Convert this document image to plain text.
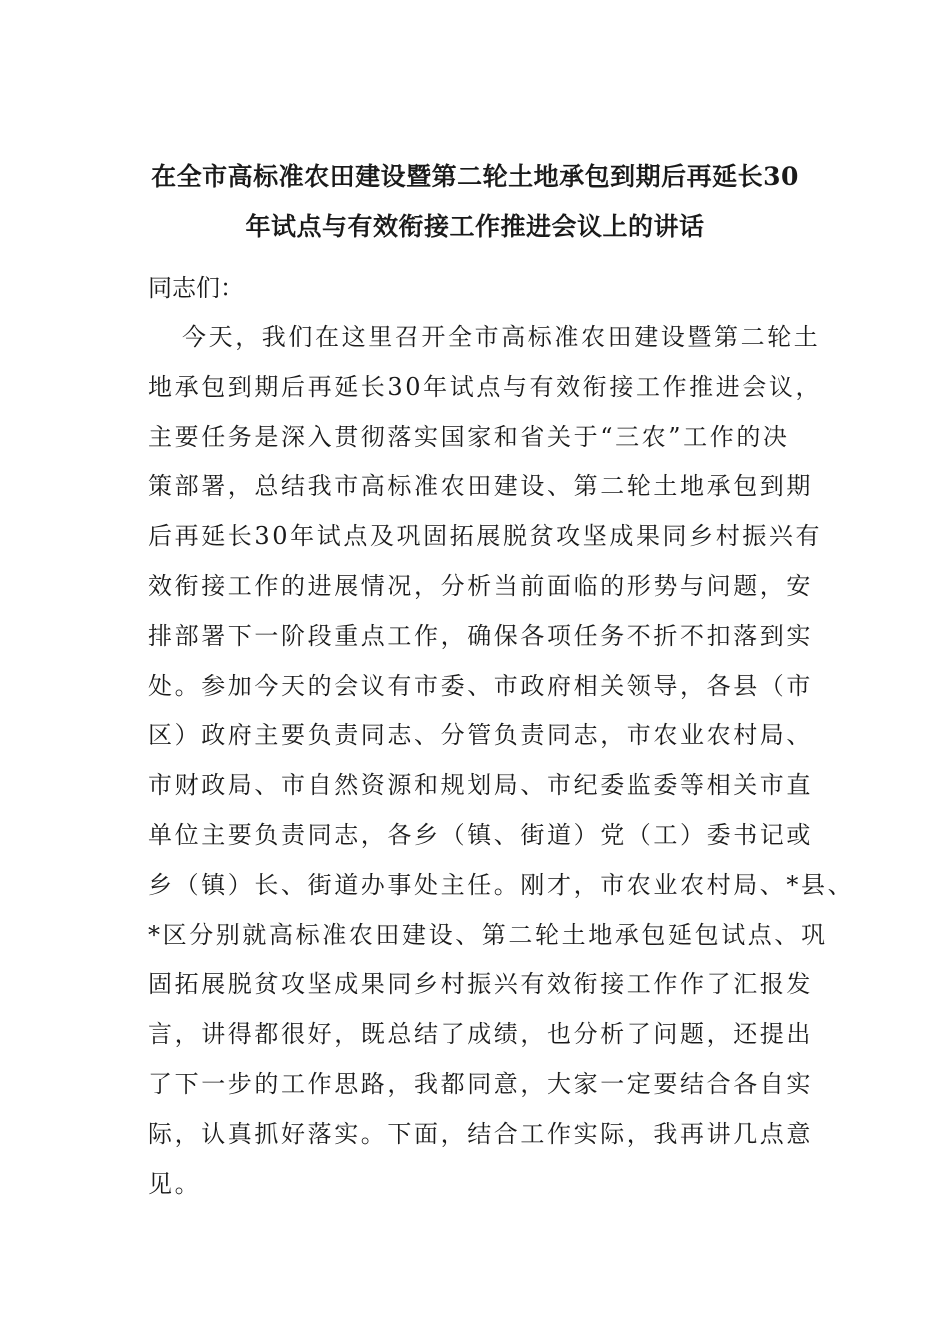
在全市高标准农田建设暨第二轮土地承包到期后再延长30
年试点与有效衔接工作推进会议上的讲话
同志们：
今天，我们在这里召开全市高标准农田建设暨第二轮土
地承包到期后再延长30年试点与有效衔接工作推进会议，
主要任务是深入贯彻落实国家和省关于“三农”工作的决
策部署，总结我市高标准农田建设、第二轮土地承包到期
后再延长30年试点及巩固拓展脱贫攻坚成果同乡村振兴有
效衔接工作的进展情况，分析当前面临的形势与问题，安
排部署下一阶段重点工作，确保各项任务不折不扣落到实
处。参加今天的会议有市委、市政府相关领导，各县（市
区）政府主要负责同志、分管负责同志，市农业农村局、
市财政局、市自然资源和规划局、市纪委监委等相关市直
单位主要负责同志，各乡（镇、街道）党（工）委书记或
乡（镇）长、街道办事处主任。刚才，市农业农村局、*县、
*区分别就高标准农田建设、第二轮土地承包延包试点、巩
固拓展脱贫攻坚成果同乡村振兴有效衔接工作作了汇报发
言，讲得都很好，既总结了成绩，也分析了问题，还提出
了下一步的工作思路，我都同意，大家一定要结合各自实
际，认真抓好落实。下面，结合工作实际，我再讲几点意
见。
